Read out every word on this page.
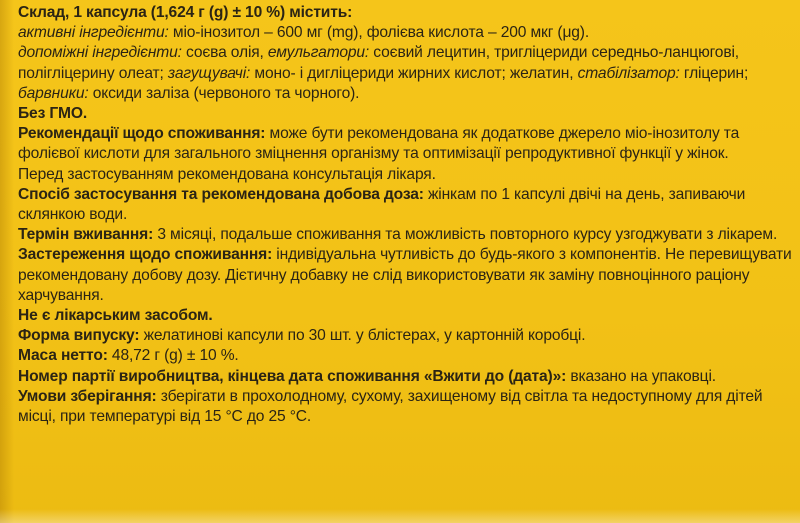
Склад, 1 капсула (1,624 г (g) ± 10 %) містить:

активні інгредієнти: міо-інозитол – 600 мг (mg), фолієва кислота – 200 мкг (μg).

допоміжні інгредієнти: соєва олія, емульгатори: соєвий лецитин, тригліцериди середньо-ланцюгові, полігліцерину олеат; загущувачі: моно- і дигліцериди жирних кислот; желатин, стабілізатор: гліцерин; барвники: оксиди заліза (червоного та чорного).

Без ГМО.

Рекомендації щодо споживання: може бути рекомендована як додаткове джерело міо-інозитолу та фолієвої кислоти для загального зміцнення організму та оптимізації репродуктивної функції у жінок.

Перед застосуванням рекомендована консультація лікаря.

Спосіб застосування та рекомендована добова доза: жінкам по 1 капсулі двічі на день, запиваючи склянкою води.

Термін вживання: 3 місяці, подальше споживання та можливість повторного курсу узгоджувати з лікарем.

Застереження щодо споживання: індивідуальна чутливість до будь-якого з компонентів. Не перевищувати рекомендовану добову дозу. Дієтичну добавку не слід використовувати як заміну повноцінного раціону харчування.

Не є лікарським засобом.

Форма випуску: желатинові капсули по 30 шт. у блістерах, у картонній коробці.

Маса нетто: 48,72 г (g) ± 10 %.

Номер партії виробництва, кінцева дата споживання «Вжити до (дата)»: вказано на упаковці.

Умови зберігання: зберігати в прохолодному, сухому, захищеному від світла та недоступному для дітей місці, при температурі від 15 °С до 25 °С.
